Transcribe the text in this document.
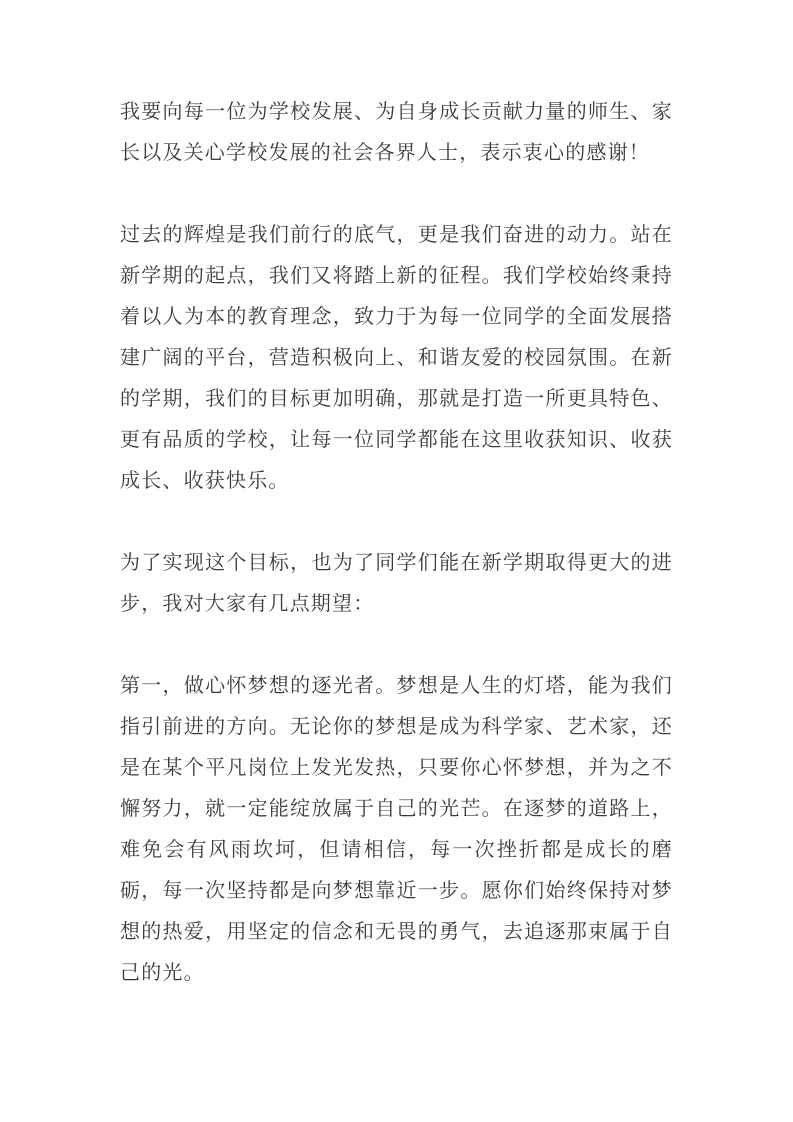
我要向每一位为学校发展、为自身成长贡献力量的师生、家长以及关心学校发展的社会各界人士，表示衷心的感谢！

过去的辉煌是我们前行的底气，更是我们奋进的动力。站在新学期的起点，我们又将踏上新的征程。我们学校始终秉持着以人为本的教育理念，致力于为每一位同学的全面发展搭建广阔的平台，营造积极向上、和谐友爱的校园氛围。在新的学期，我们的目标更加明确，那就是打造一所更具特色、更有品质的学校，让每一位同学都能在这里收获知识、收获成长、收获快乐。

为了实现这个目标，也为了同学们能在新学期取得更大的进步，我对大家有几点期望：

第一，做心怀梦想的逐光者。梦想是人生的灯塔，能为我们指引前进的方向。无论你的梦想是成为科学家、艺术家，还是在某个平凡岗位上发光发热，只要你心怀梦想，并为之不懈努力，就一定能绽放属于自己的光芒。在逐梦的道路上，难免会有风雨坎坷，但请相信，每一次挫折都是成长的磨砺，每一次坚持都是向梦想靠近一步。愿你们始终保持对梦想的热爱，用坚定的信念和无畏的勇气，去追逐那束属于自己的光。
